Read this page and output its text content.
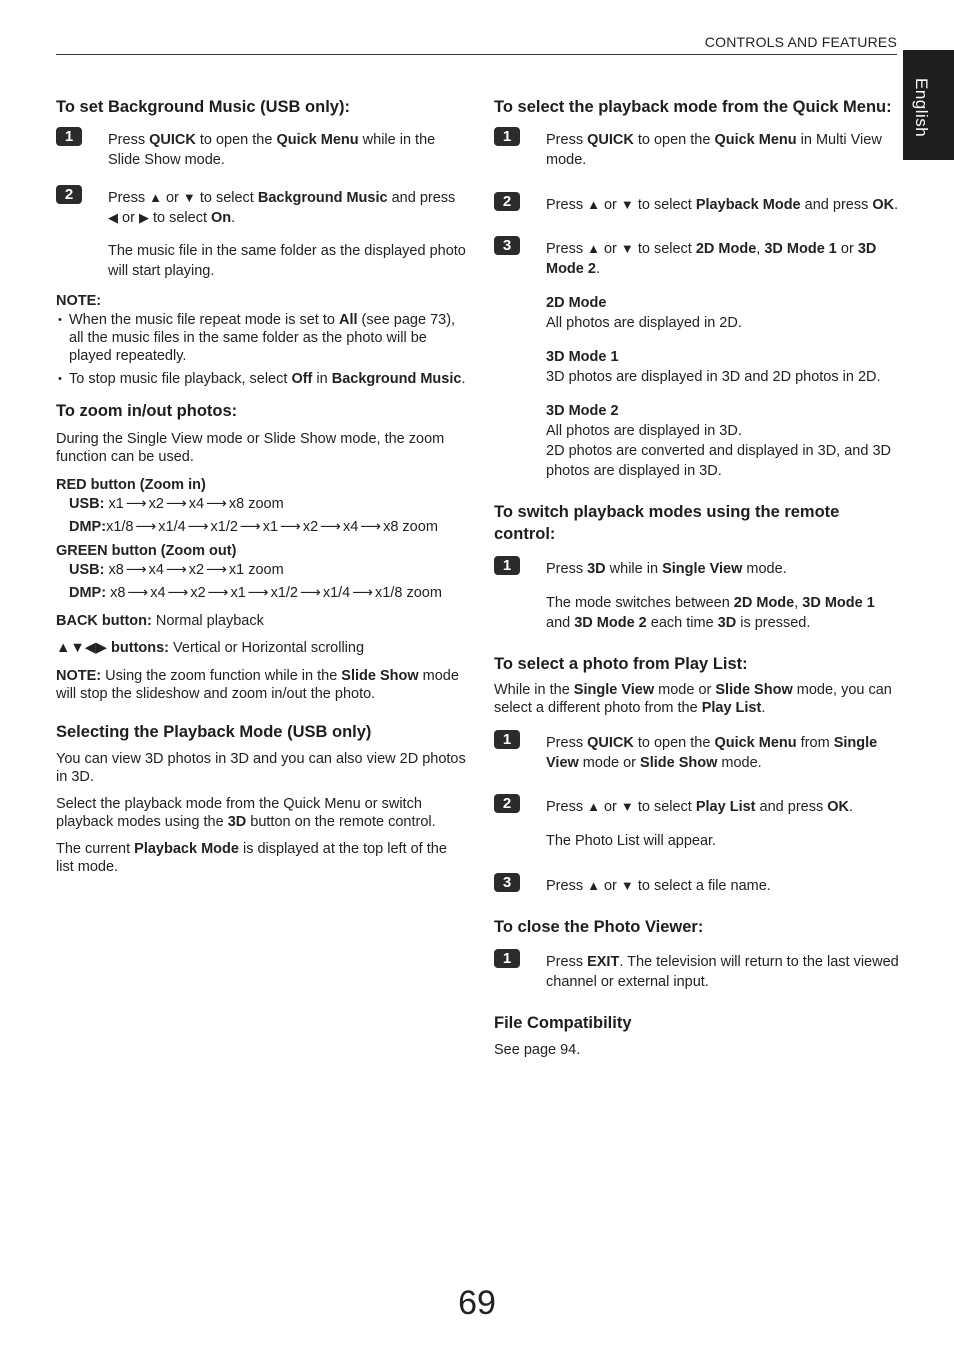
CONTROLS AND FEATURES
English
To set Background Music (USB only):
1	Press QUICK to open the Quick Menu while in the Slide Show mode.

2	Press ▲ or ▼ to select Background Music and press ◀ or ▶ to select On.

The music file in the same folder as the displayed photo will start playing.

NOTE:
• When the music file repeat mode is set to All (see page 73), all the music files in the same folder as the photo will be played repeatedly.
• To stop music file playback, select Off in Background Music.
To zoom in/out photos:

During the Single View mode or Slide Show mode, the zoom function can be used.

RED button (Zoom in)
USB: x1 ⟶ x2 ⟶ x4 ⟶ x8 zoom
DMP:x1/8 ⟶ x1/4 ⟶ x1/2 ⟶ x1 ⟶ x2 ⟶ x4 ⟶ x8 zoom
GREEN button (Zoom out)
USB: x8 ⟶ x4 ⟶ x2 ⟶ x1 zoom
DMP: x8 ⟶ x4 ⟶ x2 ⟶ x1 ⟶ x1/2 ⟶ x1/4 ⟶ x1/8 zoom

BACK button: Normal playback

▲▼◀▶ buttons: Vertical or Horizontal scrolling

NOTE: Using the zoom function while in the Slide Show mode will stop the slideshow and zoom in/out the photo.

Selecting the Playback Mode (USB only)

You can view 3D photos in 3D and you can also view 2D photos in 3D.

Select the playback mode from the Quick Menu or switch playback modes using the 3D button on the remote control.

The current Playback Mode is displayed at the top left of the list mode.

To select the playback mode from the Quick Menu:
1	Press QUICK to open the Quick Menu in Multi View mode.

2	Press ▲ or ▼ to select Playback Mode and press OK.

3	Press ▲ or ▼ to select 2D Mode, 3D Mode 1 or 3D Mode 2.

2D Mode

All photos are displayed in 2D.

3D Mode 1

3D photos are displayed in 3D and 2D photos in 2D.

3D Mode 2

All photos are displayed in 3D.

2D photos are converted and displayed in 3D, and 3D photos are displayed in 3D.

To switch playback modes using the remote control:
1	Press 3D while in Single View mode.

The mode switches between 2D Mode, 3D Mode 1 and 3D Mode 2 each time 3D is pressed.

To select a photo from Play List:

While in the Single View mode or Slide Show mode, you can select a different photo from the Play List.

1	Press QUICK to open the Quick Menu from Single View mode or Slide Show mode.

2	Press ▲ or ▼ to select Play List and press OK.

The Photo List will appear.

3	Press ▲ or ▼ to select a file name.

To close the Photo Viewer:
1	Press EXIT. The television will return to the last viewed channel or external input.

File Compatibility

See page 94.

69
